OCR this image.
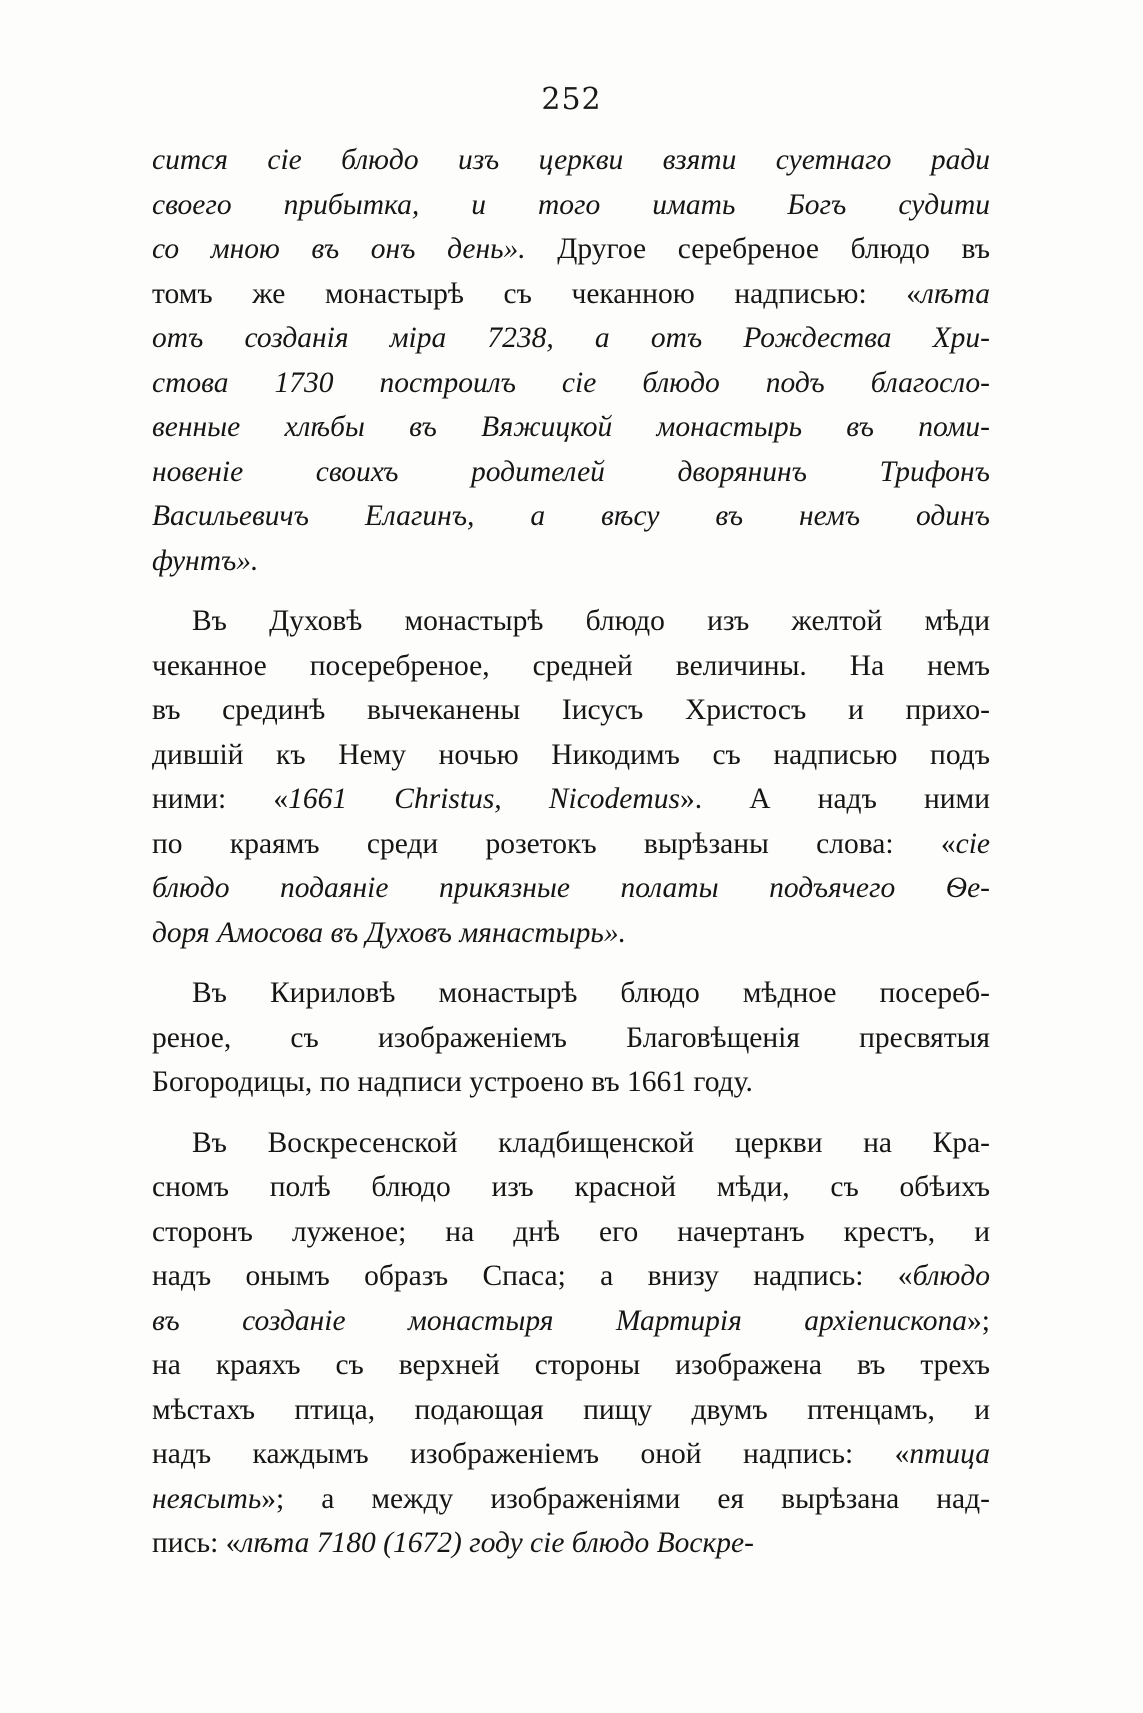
252
сится сіе блюдо изъ церкви взяти суетнаго ради
своего прибытка, и того имать Богъ судити
со мною въ онъ день». Другое серебреное блюдо въ
томъ же монастырѣ съ чеканною надписью: «лѣта
отъ созданія міра 7238, а отъ Рождества Хри-
стова 1730 построилъ сіе блюдо подъ благосло-
венные хлѣбы въ Вяжицкой монастырь въ поми-
новеніе своихъ родителей дворянинъ Трифонъ
Васильевичъ Елагинъ, а вѣсу въ немъ одинъ
фунтъ».
Въ Духовѣ монастырѣ блюдо изъ желтой мѣди
чеканное посеребреное, средней величины. На немъ
въ срединѣ вычеканены Іисусъ Христосъ и прихо-
дившій къ Нему ночью Никодимъ съ надписью подъ
ними: «1661 Christus, Nicodemus». А надъ ними
по краямъ среди розетокъ вырѣзаны слова: «сіе
блюдо подаяніе прикязные полаты подъячего Ѳе-
доря Амосова въ Духовъ мянастырь».
Въ Кириловѣ монастырѣ блюдо мѣдное посереб-
реное, съ изображеніемъ Благовѣщенія пресвятыя
Богородицы, по надписи устроено въ 1661 году.
Въ Воскресенской кладбищенской церкви на Кра-
сномъ полѣ блюдо изъ красной мѣди, съ обѣихъ
сторонъ луженое; на днѣ его начертанъ крестъ, и
надъ онымъ образъ Спаса; а внизу надпись: «блюдо
въ созданіе монастыря Мартирія архіепископа»;
на краяхъ съ верхней стороны изображена въ трехъ
мѣстахъ птица, подающая пищу двумъ птенцамъ, и
надъ каждымъ изображеніемъ оной надпись: «птица
неясыть»; а между изображеніями ея вырѣзана над-
пись: «лѣта 7180 (1672) году сіе блюдо Воскре-
